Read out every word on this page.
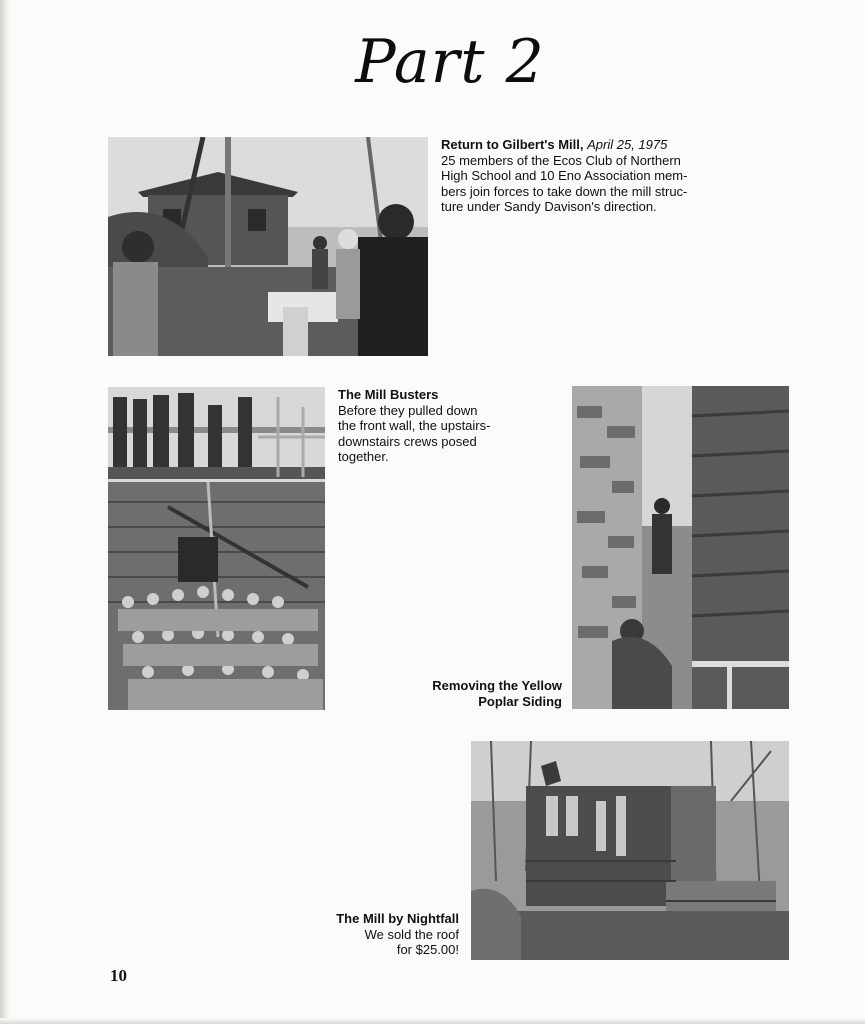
Part 2
Return to Gilbert's Mill, April 25, 1975
25 members of the Ecos Club of Northern
High School and 10 Eno Association mem-
bers join forces to take down the mill struc-
ture under Sandy Davison's direction.
The Mill Busters
Before they pulled down
the front wall, the upstairs-
downstairs crews posed
together.
Removing the Yellow
Poplar Siding
The Mill by Nightfall
We sold the roof
for $25.00!
10
